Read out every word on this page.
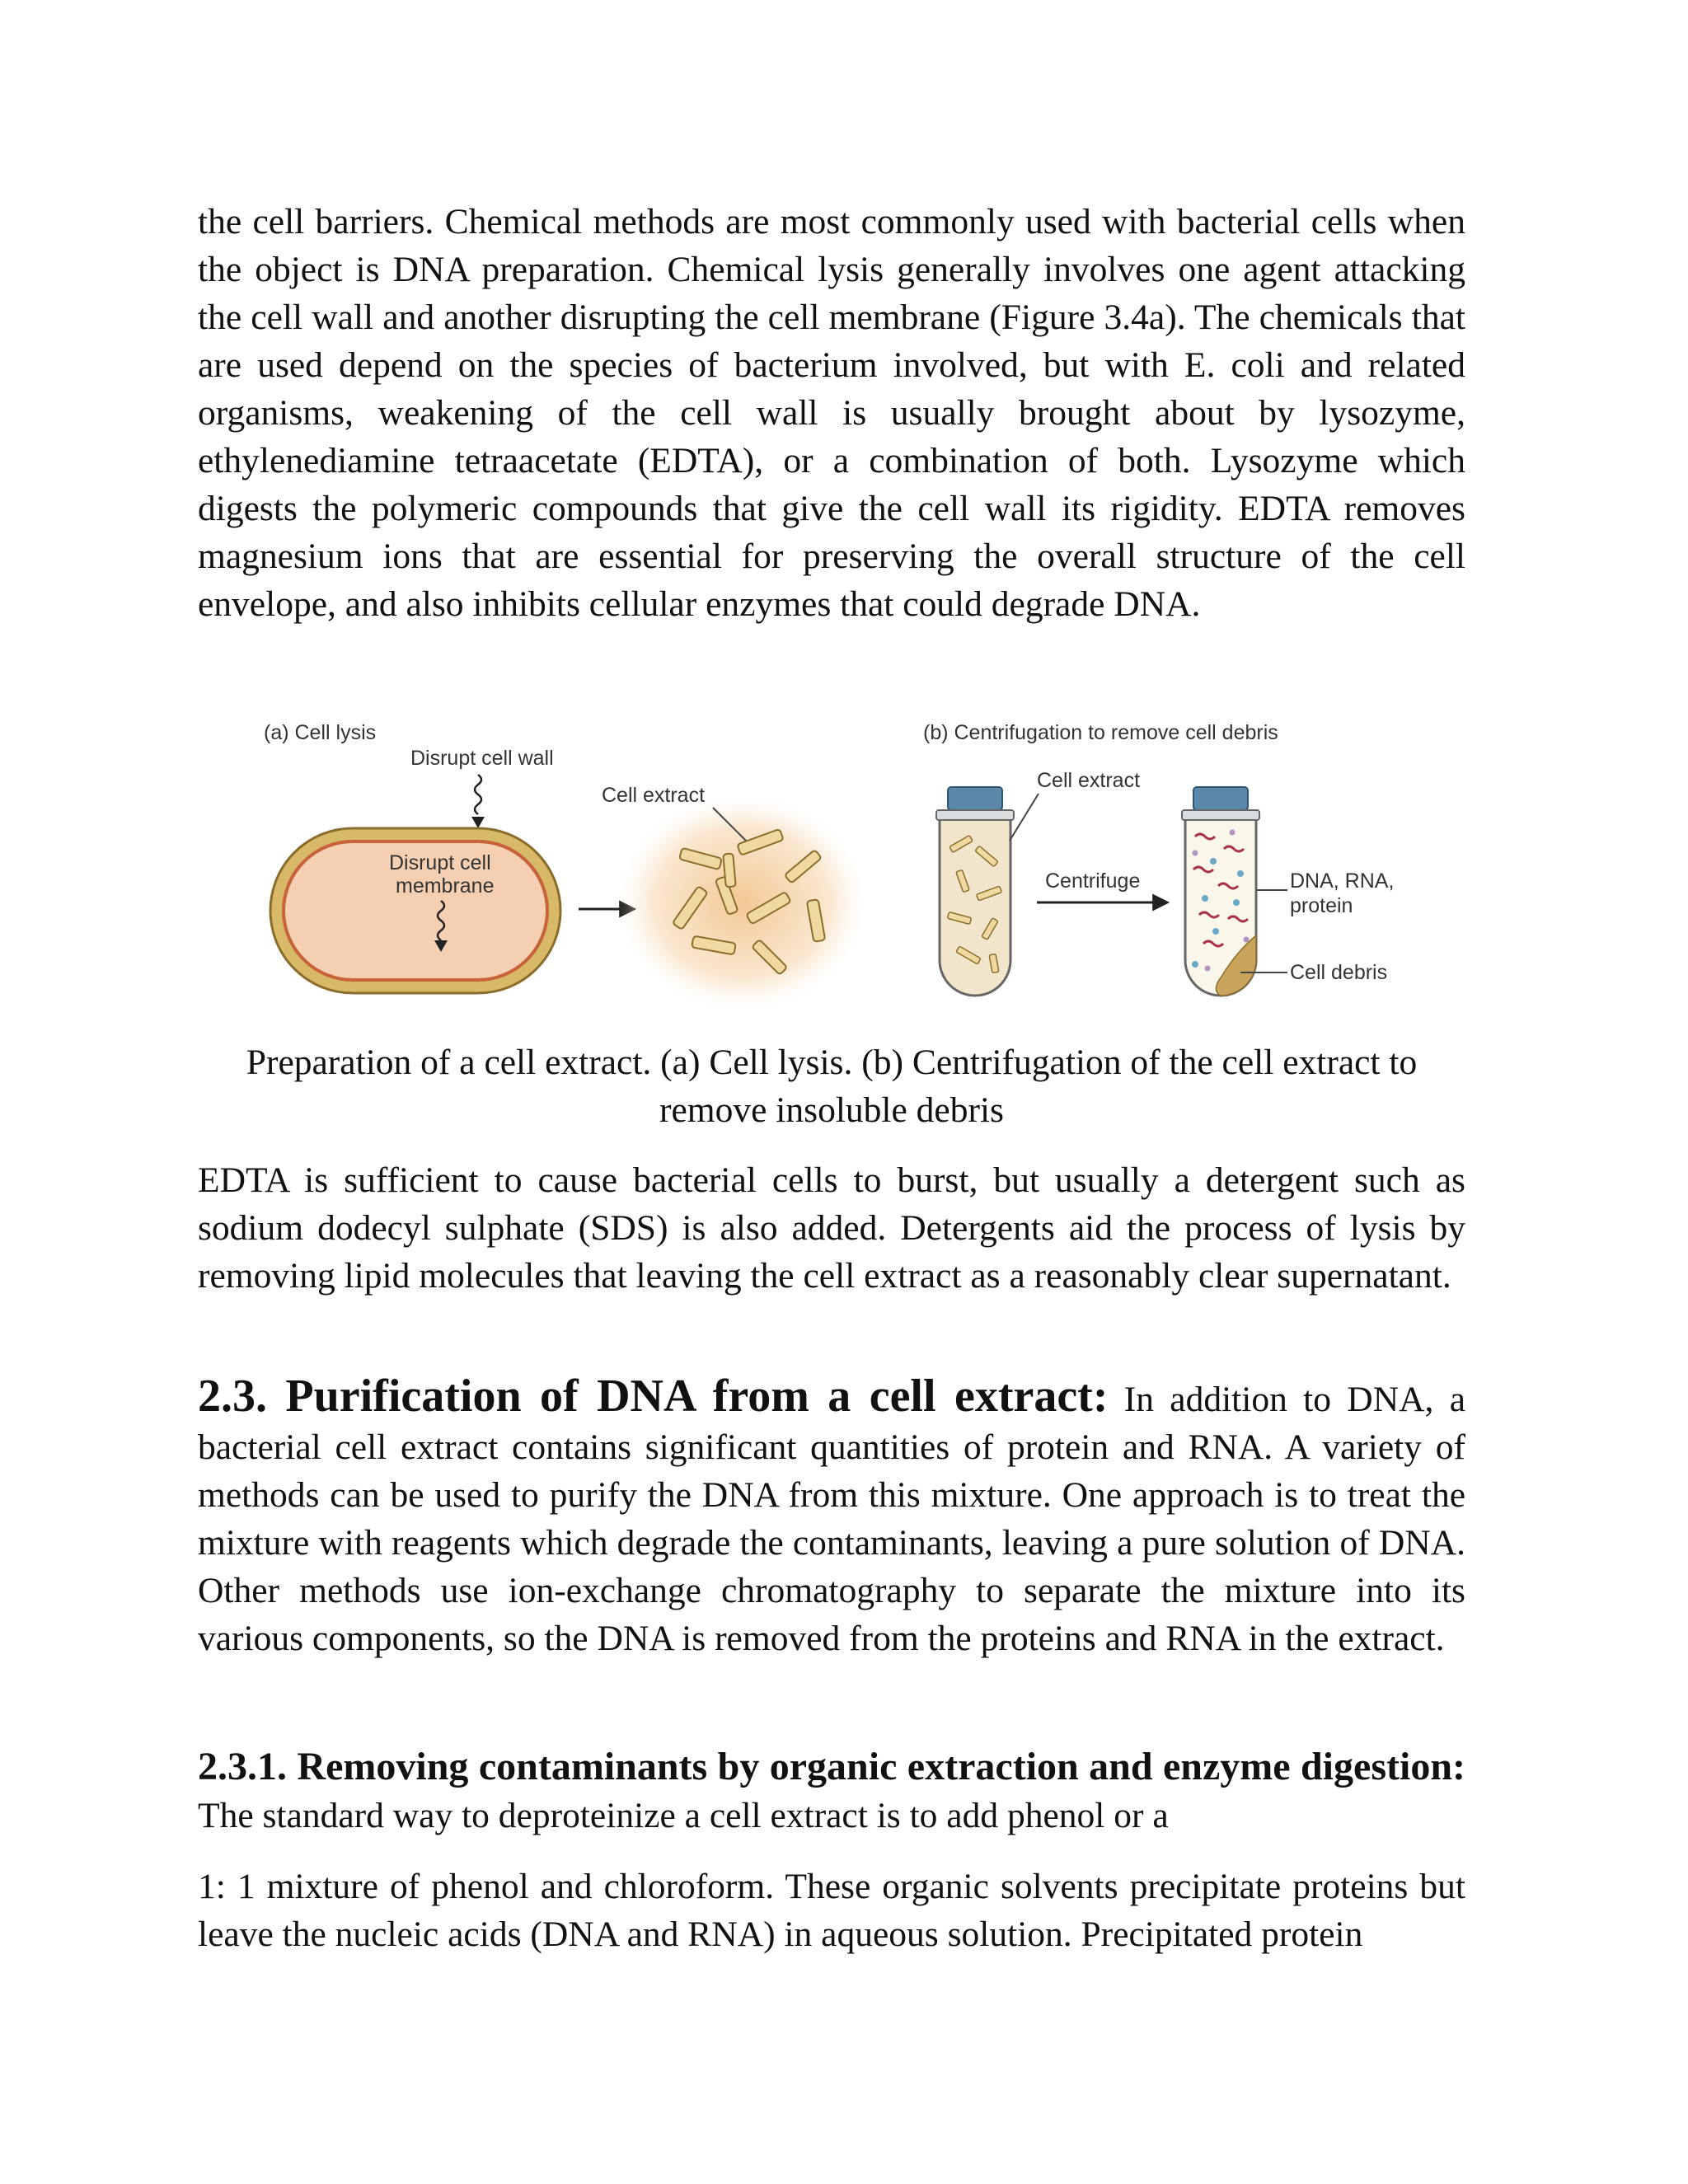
the cell barriers. Chemical methods are most commonly used with bacterial cells when the object is DNA preparation. Chemical lysis generally involves one agent attacking the cell wall and another disrupting the cell membrane (Figure 3.4a). The chemicals that are used depend on the species of bacterium involved, but with E. coli and related organisms, weakening of the cell wall is usually brought about by lysozyme, ethylenediamine tetraacetate (EDTA), or a combination of both. Lysozyme which digests the polymeric compounds that give the cell wall its rigidity. EDTA removes magnesium ions that are essential for preserving the overall structure of the cell envelope, and also inhibits cellular enzymes that could degrade DNA.

(a) Cell lysis
Disrupt cell wall
Disrupt cell
membrane
Cell extract
(b) Centrifugation to remove cell debris
Cell extract
Centrifuge	DNA, RNA,
protein
Cell debris

Preparation of a cell extract. (a) Cell lysis. (b) Centrifugation of the cell extract to remove insoluble debris

EDTA is sufficient to cause bacterial cells to burst, but usually a detergent such as sodium dodecyl sulphate (SDS) is also added. Detergents aid the process of lysis by removing lipid molecules that leaving the cell extract as a reasonably clear supernatant.

2.3. Purification of DNA from a cell extract: In addition to DNA, a bacterial cell extract contains significant quantities of protein and RNA. A variety of methods can be used to purify the DNA from this mixture. One approach is to treat the mixture with reagents which degrade the contaminants, leaving a pure solution of DNA. Other methods use ion-exchange chromatography to separate the mixture into its various components, so the DNA is removed from the proteins and RNA in the extract.

2.3.1. Removing contaminants by organic extraction and enzyme digestion: The standard way to deproteinize a cell extract is to add phenol or a

1: 1 mixture of phenol and chloroform. These organic solvents precipitate proteins but leave the nucleic acids (DNA and RNA) in aqueous solution. Precipitated protein
